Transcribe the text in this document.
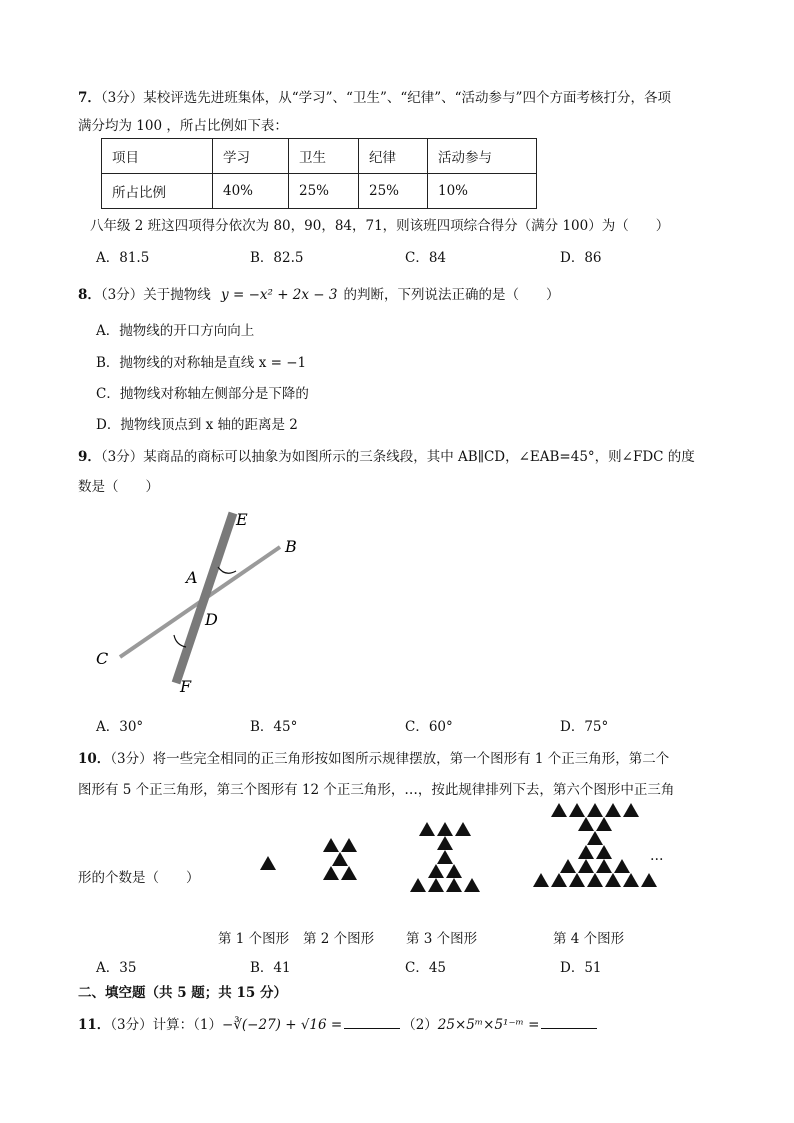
7．（3分）某校评选先进班集体，从“学习”、“卫生”、“纪律”、“活动参与”四个方面考核打分，各项
满分均为 100 ，所占比例如下表：
项目	学习	卫生	纪律	活动参与
所占比例	40%	25%	25%	10%
八年级 2 班这四项得分依次为 80，90，84，71，则该班四项综合得分（满分 100）为（　　）
A．81.5	B．82.5	C．84	D．86
8．（3分）关于抛物线 y = −x² + 2x − 3 的判断，下列说法正确的是（　　）
A．抛物线的开口方向向上
B．抛物线的对称轴是直线 x = −1
C．抛物线对称轴左侧部分是下降的
D．抛物线顶点到 x 轴的距离是 2
9．（3分）某商品的商标可以抽象为如图所示的三条线段，其中 AB∥CD，∠EAB=45°，则∠FDC 的度
数是（　　）
E
B
A
D
C
F
A．30°	B．45°	C．60°	D．75°
10．（3分）将一些完全相同的正三角形按如图所示规律摆放，第一个图形有 1 个正三角形，第二个
图形有 5 个正三角形，第三个图形有 12 个正三角形，…，按此规律排列下去，第六个图形中正三角
形的个数是（　　）
…
第 1 个图形 第 2 个图形 第 3 个图形	第 4 个图形
A．35	B．41	C．45	D．51
二、填空题（共 5 题；共 15 分）
11．（3分）计算：（1）−∛(−27) + √16 =	（2）25×5ᵐ×5¹⁻ᵐ =
